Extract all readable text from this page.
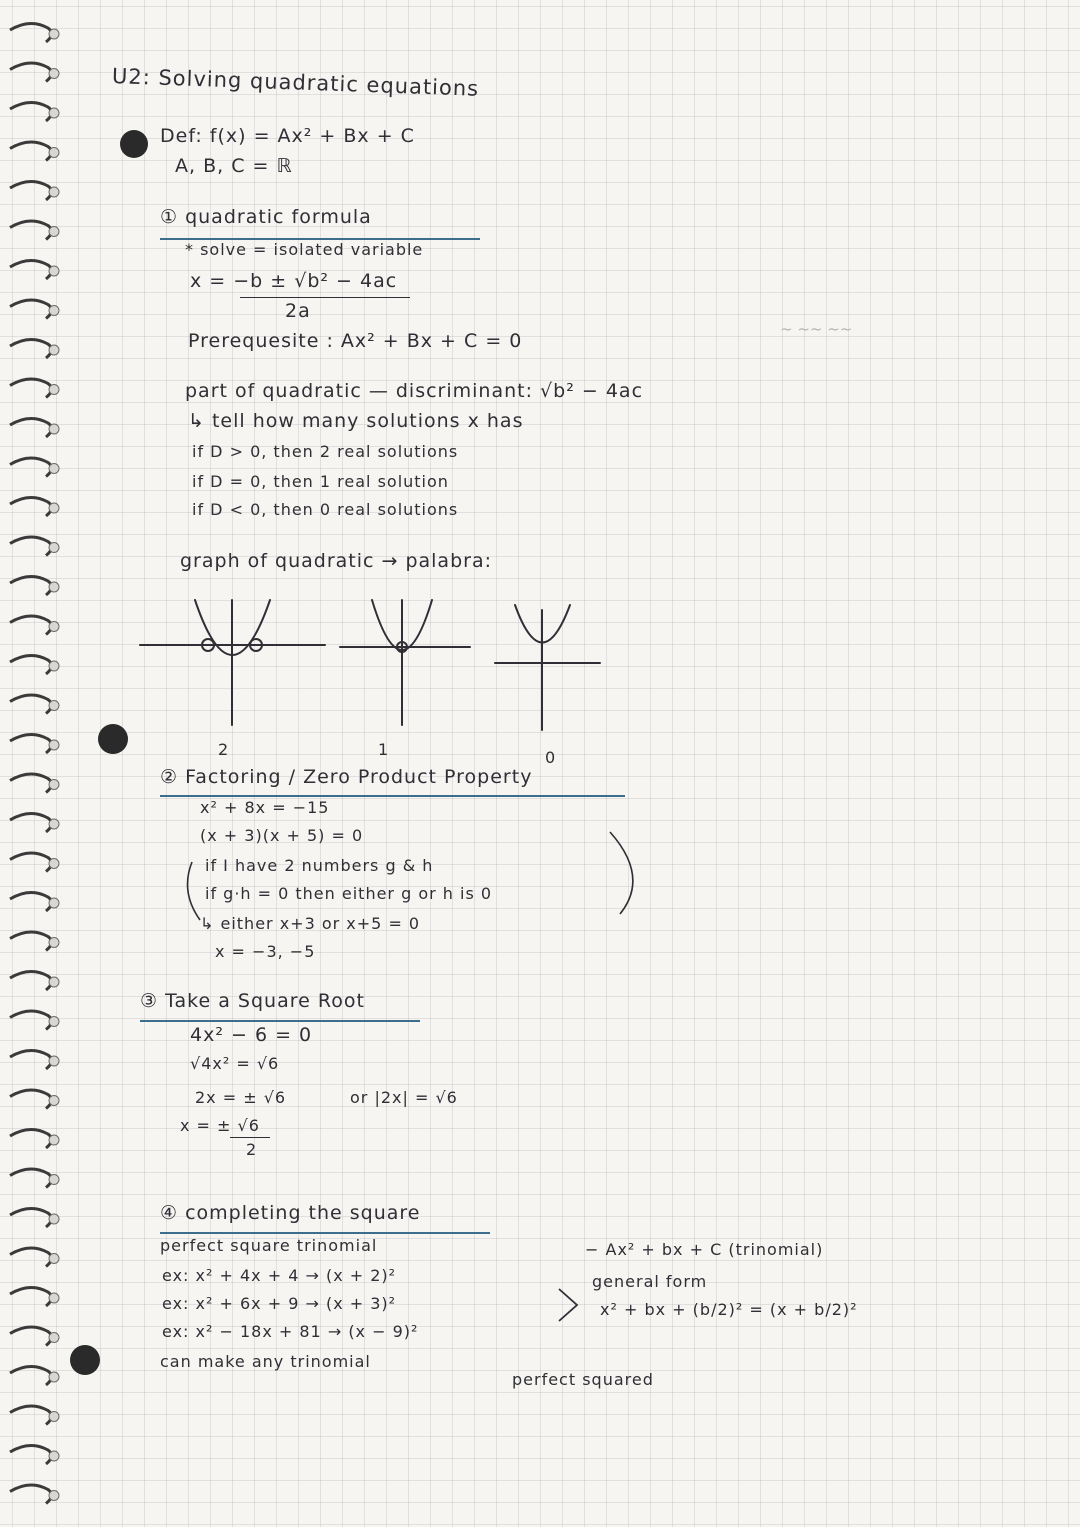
~ ~~ ~~
U2: Solving quadratic equations
Def: f(x) = Ax² + Bx + C
A, B, C = ℝ
① quadratic formula
* solve = isolated variable
x = −b ± √b² − 4ac
2a
Prerequesite : Ax² + Bx + C = 0
part of quadratic — discriminant: √b² − 4ac
↳ tell how many solutions x has
if D > 0, then 2 real solutions
if D = 0, then 1 real solution
if D < 0, then 0 real solutions
graph of quadratic → palabra:
2	1	0
② Factoring / Zero Product Property
x² + 8x = −15
(x + 3)(x + 5) = 0
if I have 2 numbers g & h
if g·h = 0 then either g or h is 0
↳ either x+3 or x+5 = 0
x = −3, −5
③ Take a Square Root
4x² − 6 = 0
√4x² = √6
2x = ± √6	or |2x| = √6
x = ± √6
2
④ completing the square
perfect square trinomial	− Ax² + bx + C (trinomial)
ex: x² + 4x + 4 → (x + 2)²
ex: x² + 6x + 9 → (x + 3)²
ex: x² − 18x + 81 → (x − 9)²
general form
x² + bx + (b/2)² = (x + b/2)²
can make any trinomial
perfect squared
